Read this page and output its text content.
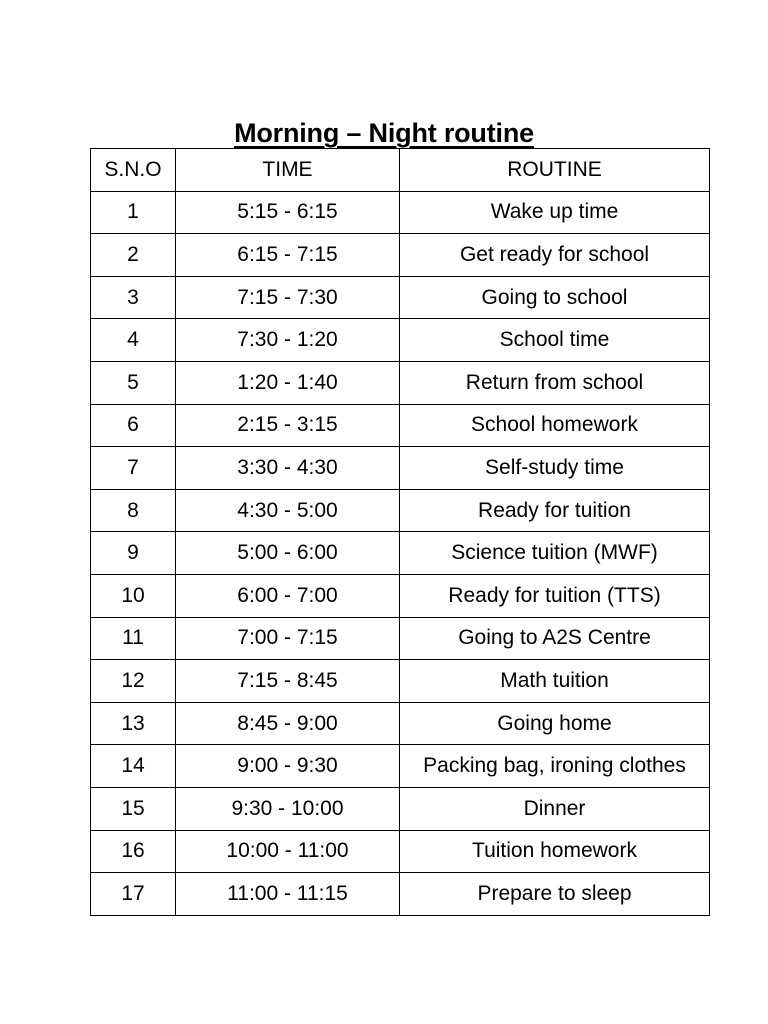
Morning – Night routine
S.N.O	TIME	ROUTINE
1	5:15 - 6:15	Wake up time
2	6:15 - 7:15	Get ready for school
3	7:15 - 7:30	Going to school
4	7:30 - 1:20	School time
5	1:20 - 1:40	Return from school
6	2:15 - 3:15	School homework
7	3:30 - 4:30	Self-study time
8	4:30 - 5:00	Ready for tuition
9	5:00 - 6:00	Science tuition (MWF)
10	6:00 - 7:00	Ready for tuition (TTS)
11	7:00 - 7:15	Going to A2S Centre
12	7:15 - 8:45	Math tuition
13	8:45 - 9:00	Going home
14	9:00 - 9:30	Packing bag, ironing clothes
15	9:30 - 10:00	Dinner
16	10:00 - 11:00	Tuition homework
17	11:00 - 11:15	Prepare to sleep
